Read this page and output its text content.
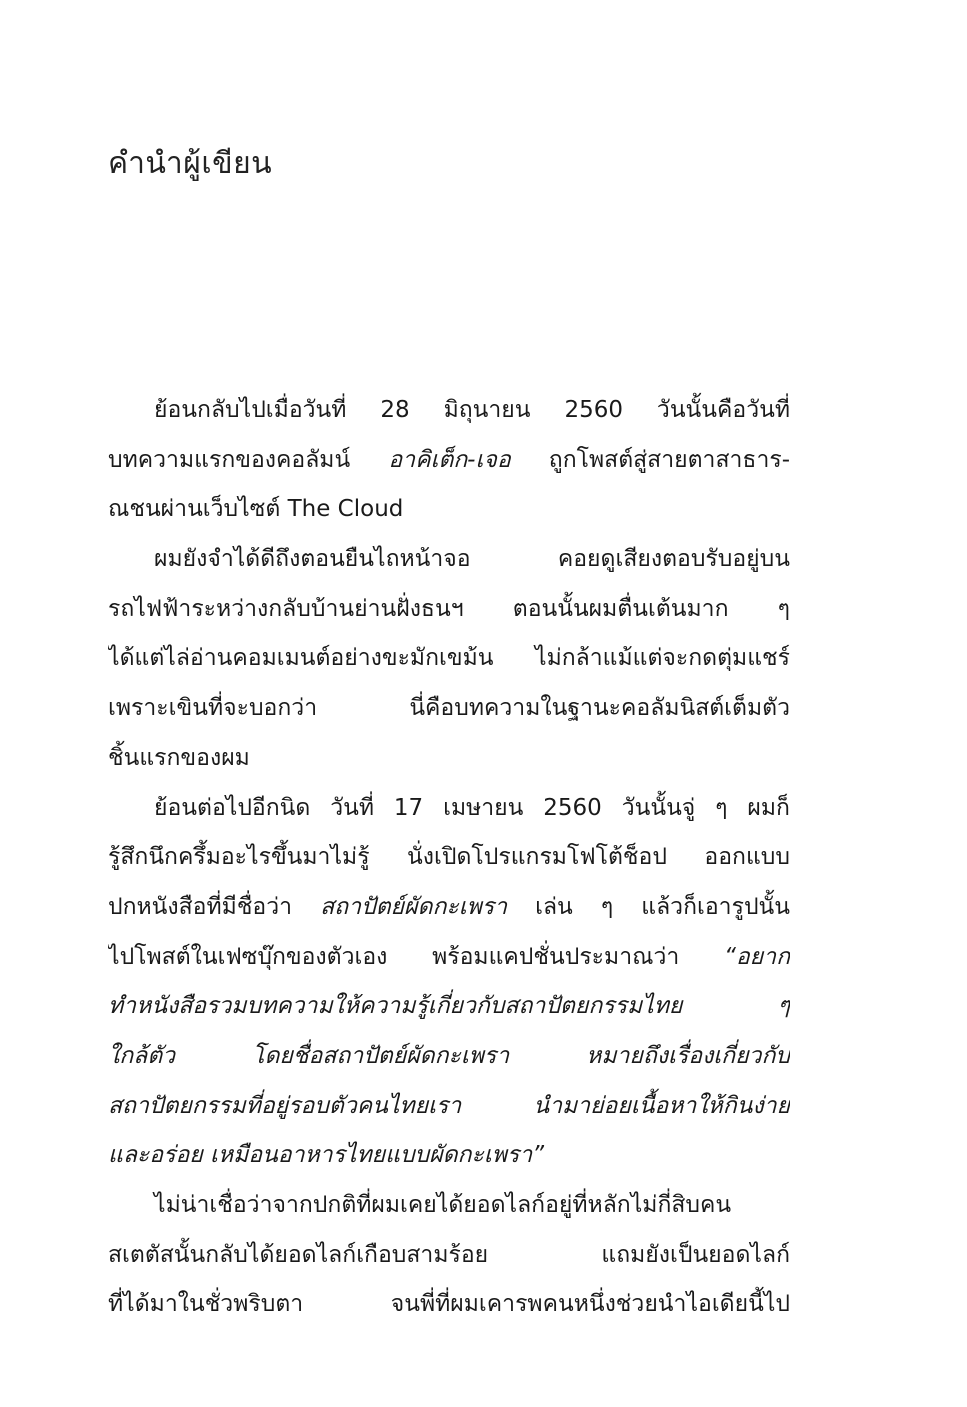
คำนำผู้เขียน
ย้อนกลับไปเมื่อวันที่ 28 มิถุนายน 2560 วันนั้นคือวันที่
บทความแรกของคอลัมน์ อาคิเต็ก-เจอ ถูกโพสต์สู่สายตาสาธาร-
ณชนผ่านเว็บไซต์ The Cloud
ผมยังจำได้ดีถึงตอนยืนไถหน้าจอ คอยดูเสียงตอบรับอยู่บน
รถไฟฟ้าระหว่างกลับบ้านย่านฝั่งธนฯ ตอนนั้นผมตื่นเต้นมาก ๆ
ได้แต่ไล่อ่านคอมเมนต์อย่างขะมักเขม้น ไม่กล้าแม้แต่จะกดตุ่มแชร์
เพราะเขินที่จะบอกว่า นี่คือบทความในฐานะคอลัมนิสต์เต็มตัว
ชิ้นแรกของผม
ย้อนต่อไปอีกนิด วันที่ 17 เมษายน 2560 วันนั้นจู่ ๆ ผมก็
รู้สึกนึกครึ้มอะไรขึ้นมาไม่รู้ นั่งเปิดโปรแกรมโฟโต้ช็อป ออกแบบ
ปกหนังสือที่มีชื่อว่า สถาปัตย์ผัดกะเพรา เล่น ๆ แล้วก็เอารูปนั้น
ไปโพสต์ในเฟซบุ๊กของตัวเอง พร้อมแคปชั่นประมาณว่า “อยาก
ทำหนังสือรวมบทความให้ความรู้เกี่ยวกับสถาปัตยกรรมไทย ๆ
ใกล้ตัว โดยชื่อสถาปัตย์ผัดกะเพรา หมายถึงเรื่องเกี่ยวกับ
สถาปัตยกรรมที่อยู่รอบตัวคนไทยเรา นำมาย่อยเนื้อหาให้กินง่าย
และอร่อย เหมือนอาหารไทยแบบผัดกะเพรา”
ไม่น่าเชื่อว่าจากปกติที่ผมเคยได้ยอดไลก์อยู่ที่หลักไม่กี่สิบคน
สเตตัสนั้นกลับได้ยอดไลก์เกือบสามร้อย แถมยังเป็นยอดไลก์
ที่ได้มาในชั่วพริบตา จนพี่ที่ผมเคารพคนหนึ่งช่วยนำไอเดียนี้ไป
